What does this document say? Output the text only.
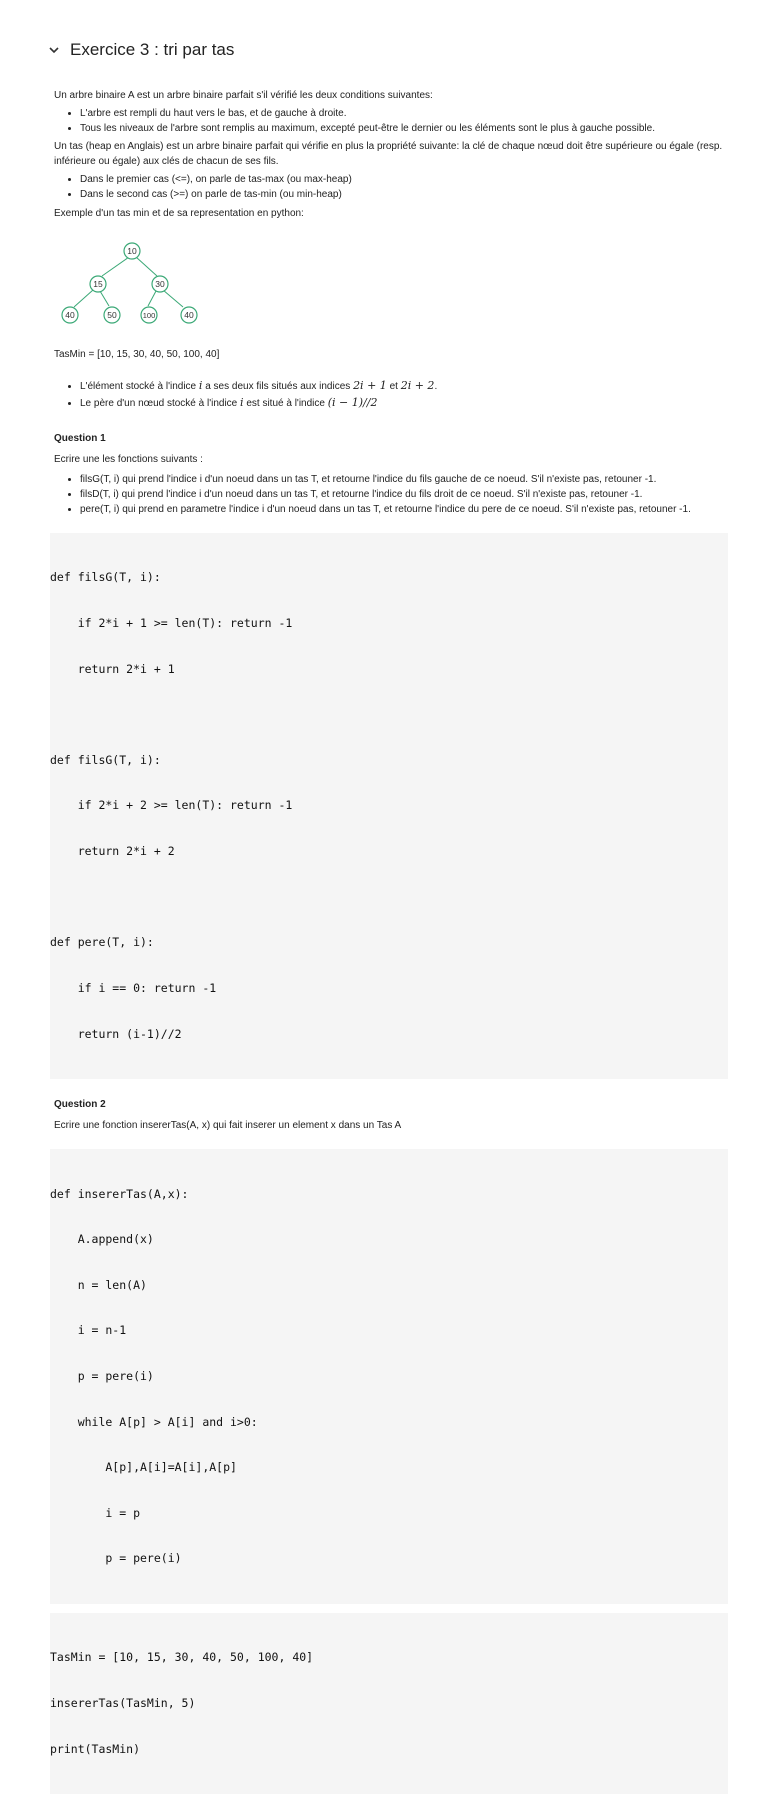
Exercice 3 : tri par tas

Un arbre binaire A est un arbre binaire parfait s'il vérifié les deux conditions suivantes:

• L'arbre est rempli du haut vers le bas, et de gauche à droite.
• Tous les niveaux de l'arbre sont remplis au maximum, excepté peut-être le dernier ou les éléments sont le plus à gauche possible.

Un tas (heap en Anglais) est un arbre binaire parfait qui vérifie en plus la propriété suivante: la clé de chaque nœud doit être supérieure ou égale (resp. inférieure ou égale) aux clés de chacun de ses fils.

• Dans le premier cas (<=), on parle de tas-max (ou max-heap)
• Dans le second cas (>=) on parle de tas-min (ou min-heap)

Exemple d'un tas min et de sa representation en python:

10
15	30
40	50	100	40

TasMin = [10, 15, 30, 40, 50, 100, 40]

• L'élément stocké à l'indice i a ses deux fils situés aux indices 2i + 1 et 2i + 2.
• Le père d'un nœud stocké à l'indice i est situé à l'indice (i − 1)//2

Question 1

Ecrire une les fonctions suivants :

• filsG(T, i) qui prend l'indice i d'un noeud dans un tas T, et retourne l'indice du fils gauche de ce noeud. S'il n'existe pas, retouner -1.
• filsD(T, i) qui prend l'indice i d'un noeud dans un tas T, et retourne l'indice du fils droit de ce noeud. S'il n'existe pas, retouner -1.
• pere(T, i) qui prend en parametre l'indice i d'un noeud dans un tas T, et retourne l'indice du pere de ce noeud. S'il n'existe pas, retouner -1.

def filsG(T, i):

if 2*i + 1 >= len(T): return -1

return 2*i + 1

def filsG(T, i):

if 2*i + 2 >= len(T): return -1

return 2*i + 2

def pere(T, i):

if i == 0: return -1

return (i-1)//2

Question 2

Ecrire une fonction insererTas(A, x) qui fait inserer un element x dans un Tas A

def insererTas(A,x):

A.append(x)

n = len(A)

i = n-1

p = pere(i)

while A[p] > A[i] and i>0:

A[p],A[i]=A[i],A[p]

i = p

p = pere(i)

TasMin = [10, 15, 30, 40, 50, 100, 40]

insererTas(TasMin, 5)

print(TasMin)
